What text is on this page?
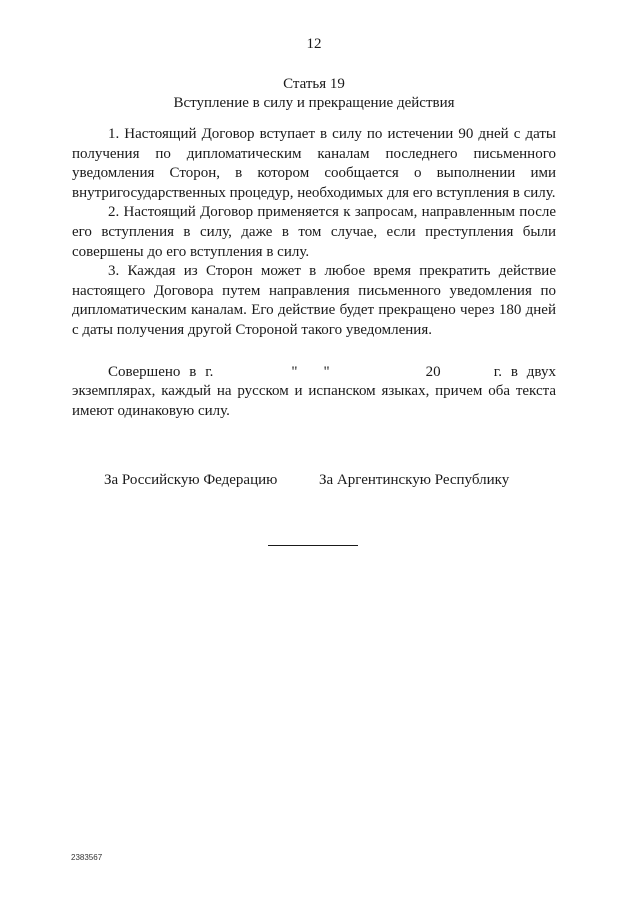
12
Статья 19
Вступление в силу и прекращение действия

1. Настоящий Договор вступает в силу по истечении 90 дней с даты получения по дипломатическим каналам последнего письменного уведомления Сторон, в котором сообщается о выполнении ими внутригосударственных процедур, необходимых для его вступления в силу.

2. Настоящий Договор применяется к запросам, направленным после его вступления в силу, даже в том случае, если преступления были совершены до его вступления в силу.

3. Каждая из Сторон может в любое время прекратить действие настоящего Договора путем направления письменного уведомления по дипломатическим каналам. Его действие будет прекращено через 180 дней с даты получения другой Стороной такого уведомления.

Совершено в г.	" "	20	г. в двух экземплярах, каждый на русском и испанском языках, причем оба текста имеют одинаковую силу.

За Российскую Федерацию	За Аргентинскую Республику
2383567
